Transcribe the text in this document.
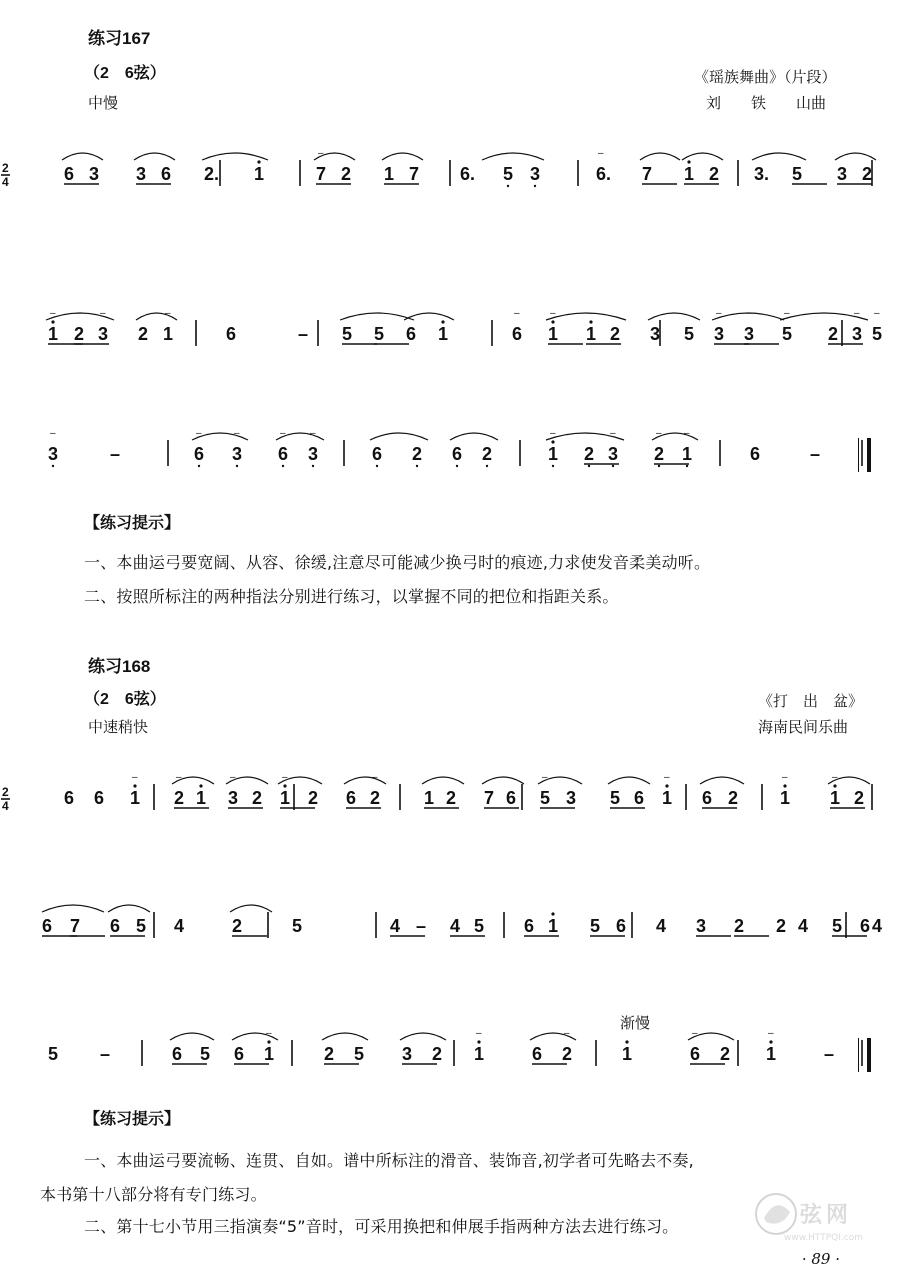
练习167
（2　6弦）
中慢
《瑶族舞曲》（片段）
刘　　铁　　山曲
2
4	6 3 3 6 2. 1	7
–
2 1 7 6. 5 3	6.
–
7 1 2 3. 5 3 2
1
–
2
–
3
–
2 1
–
6	– 5 5 6 1	6
–
1
–
1
–
2 3 5 3
–
3
–
5
–
2 3
–
5
–
3
–
–	6
–
3
–
6
–
3
–
6 2 6 2	1
–
2
–
3
–
2
–
1
–
6	–
【练习提示】
一、本曲运弓要宽阔、从容、徐缓,注意尽可能减少换弓时的痕迹,力求使发音柔美动听。
二、按照所标注的两种指法分别进行练习，以掌握不同的把位和指距关系。
练习168
（2　6弦）
中速稍快
《打　出　盆》
海南民间乐曲
2
4	6 6 1
–
2
–
1 3
–
2 1
–
2 6 2
–
1 2 7 6 5
–
3 5 6 1
–
6 2 1
–
1
–
2
6 7 6 5 4	2	5	4 – 4 5 6 1 5 6 4 3 2 2 4 5 6 4
渐慢
5 –	6 5 6 1
–
2 5 3 2 1
–
6 2
–
1	6
–
2 1
–
–
【练习提示】
一、本曲运弓要流畅、连贯、自如。谱中所标注的滑音、装饰音,初学者可先略去不奏,
本书第十八部分将有专门练习。
二、第十七小节用三指演奏“5”音时，可采用换把和伸展手指两种方法去进行练习。	弦 网
www.HTTPQI.com
· 89 ·
